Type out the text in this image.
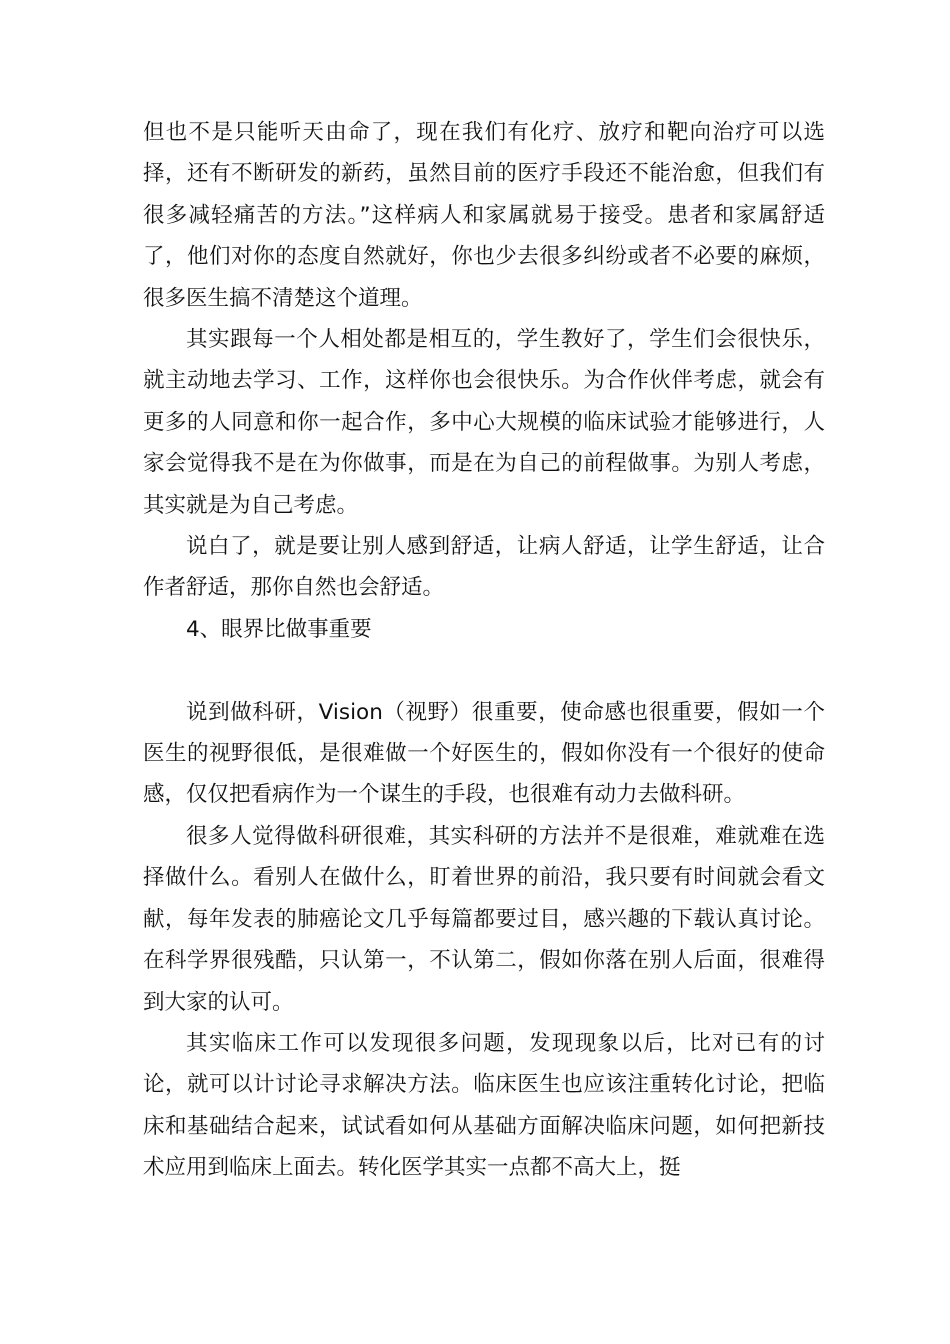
但也不是只能听天由命了，现在我们有化疗、放疗和靶向治疗可以选择，还有不断研发的新药，虽然目前的医疗手段还不能治愈，但我们有很多减轻痛苦的方法。”这样病人和家属就易于接受。患者和家属舒适了，他们对你的态度自然就好，你也少去很多纠纷或者不必要的麻烦，很多医生搞不清楚这个道理。

其实跟每一个人相处都是相互的，学生教好了，学生们会很快乐，就主动地去学习、工作，这样你也会很快乐。为合作伙伴考虑，就会有更多的人同意和你一起合作，多中心大规模的临床试验才能够进行，人家会觉得我不是在为你做事，而是在为自己的前程做事。为别人考虑，其实就是为自己考虑。

说白了，就是要让别人感到舒适，让病人舒适，让学生舒适，让合作者舒适，那你自然也会舒适。

4、眼界比做事重要

说到做科研，Vision（视野）很重要，使命感也很重要，假如一个医生的视野很低，是很难做一个好医生的，假如你没有一个很好的使命感，仅仅把看病作为一个谋生的手段，也很难有动力去做科研。

很多人觉得做科研很难，其实科研的方法并不是很难，难就难在选择做什么。看别人在做什么，盯着世界的前沿，我只要有时间就会看文献，每年发表的肺癌论文几乎每篇都要过目，感兴趣的下载认真讨论。在科学界很残酷，只认第一，不认第二，假如你落在别人后面，很难得到大家的认可。

其实临床工作可以发现很多问题，发现现象以后，比对已有的讨论，就可以计讨论寻求解决方法。临床医生也应该注重转化讨论，把临床和基础结合起来，试试看如何从基础方面解决临床问题，如何把新技术应用到临床上面去。转化医学其实一点都不高大上，挺
